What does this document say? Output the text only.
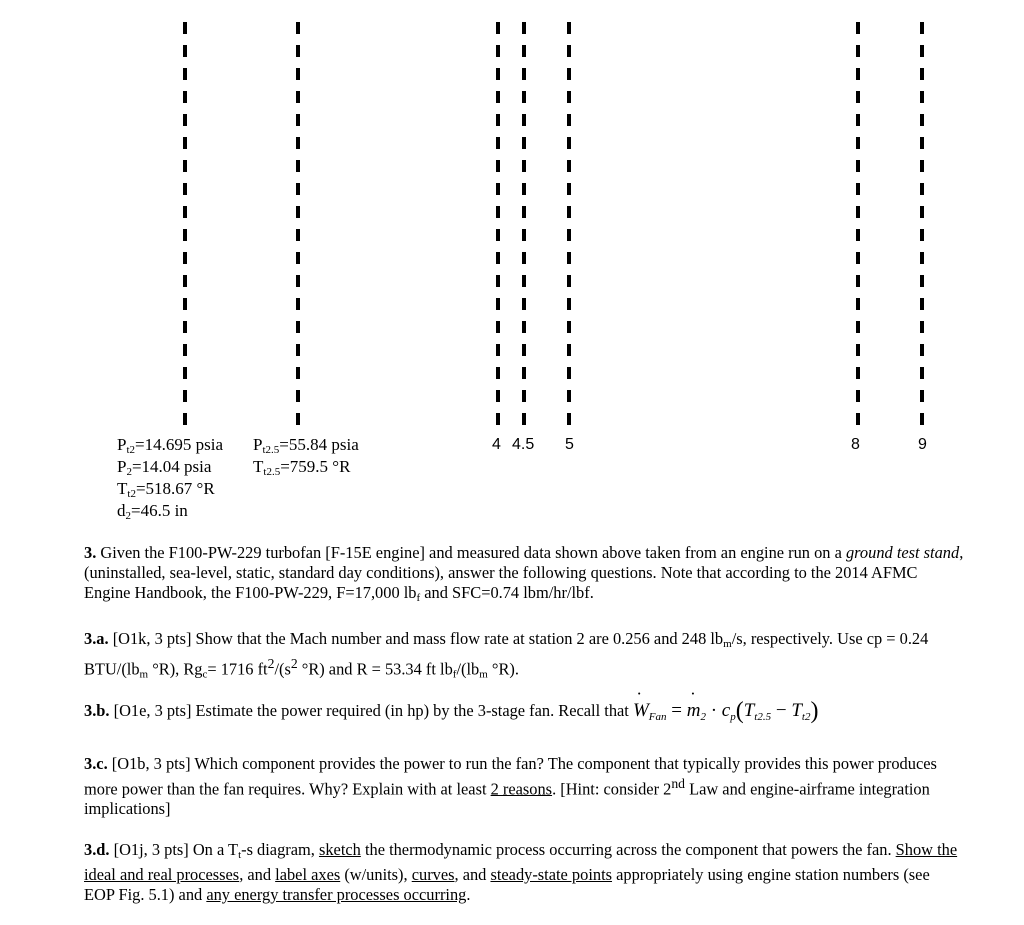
4 4.5 5	8	9
$P_{t2}=14.695$ psia
$P_2=14.04$ psia
$T_{t2}=518.67$ °R
$d_2=46.5$ in
$P_{t2.5}=55.84$ psia
$T_{t2.5}=759.5$ °R
3. Given the F100-PW-229 turbofan [F-15E engine] and measured data shown above taken from an engine run on a ground test stand, (uninstalled, sea-level, static, standard day conditions), answer the following questions. Note that according to the 2014 AFMC Engine Handbook, the F100-PW-229, F=17,000 $lb_f$ and SFC=0.74 lbm/hr/lbf.
3.a. [O1k, 3 pts] Show that the Mach number and mass flow rate at station 2 are 0.256 and 248 $lb_m/s$, respectively. Use cp = 0.24 BTU/($lb_m$ °R), $Rg_c= 1716$ $ft^2/(s^2$ °R) and R = 53.34 ft $lb_f/(lb_m$ °R).
3.b. [O1e, 3 pts] Estimate the power required (in hp) by the 3-stage fan. Recall that ˙ $W_{Fan}$ = ˙ $m_2 \cdot c_p(T_{t2.5} - T_{t2})$
3.c. [O1b, 3 pts] Which component provides the power to run the fan? The component that typically provides this power produces more power than the fan requires. Why? Explain with at least 2 reasons. [Hint: consider 2nd Law and engine-airframe integration implications]
3.d. [O1j, 3 pts] On a $T_t-s$ diagram, sketch the thermodynamic process occurring across the component that powers the fan. Show the ideal and real processes, and label axes (w/units), curves, and steady-state points appropriately using engine station numbers (see EOP Fig. 5.1) and any energy transfer processes occurring.
